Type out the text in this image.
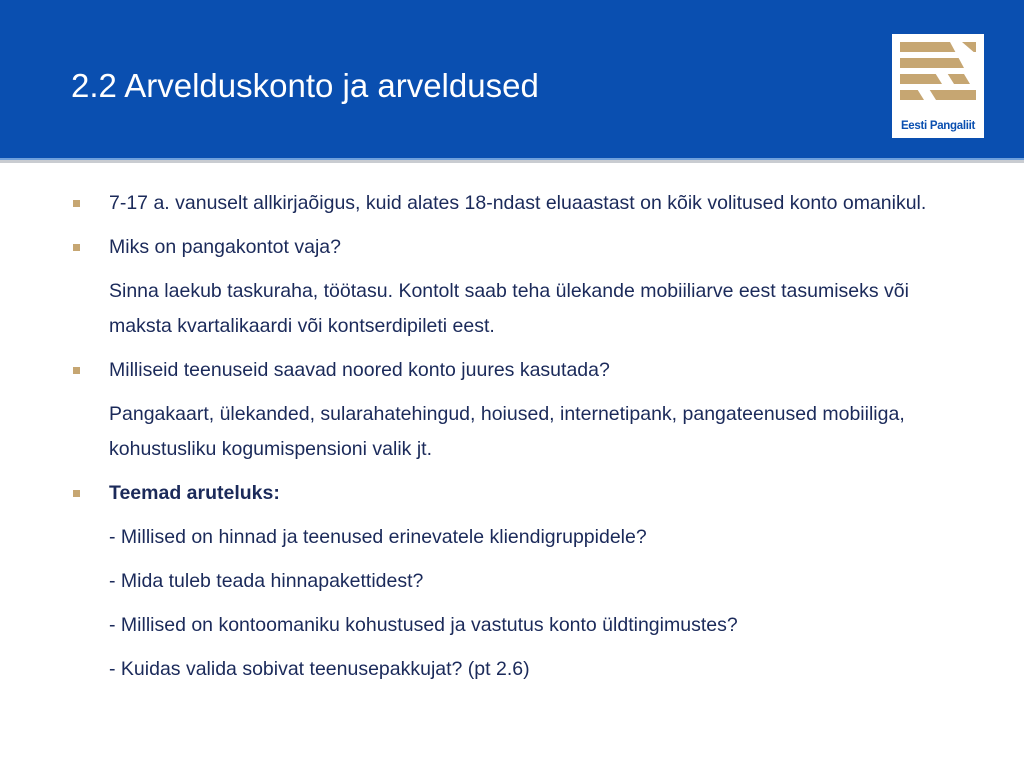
2.2 Arvelduskonto ja arveldused
Eesti Pangaliit
7-17 a. vanuselt allkirjaõigus, kuid alates 18-ndast eluaastast on kõik volitused konto omanikul.
Miks on pangakontot vaja?
Sinna laekub taskuraha, töötasu. Kontolt saab teha ülekande mobiiliarve eest tasumiseks või maksta kvartalikaardi või kontserdipileti eest.
Milliseid teenuseid saavad noored konto juures kasutada?
Pangakaart, ülekanded, sularahatehingud, hoiused, internetipank, pangateenused mobiiliga, kohustusliku kogumispensioni valik jt.
Teemad aruteluks:
- Millised on hinnad ja teenused erinevatele kliendigruppidele?
- Mida tuleb teada hinnapakettidest?
- Millised on kontoomaniku kohustused ja vastutus konto üldtingimustes?
- Kuidas valida sobivat teenusepakkujat? (pt 2.6)
